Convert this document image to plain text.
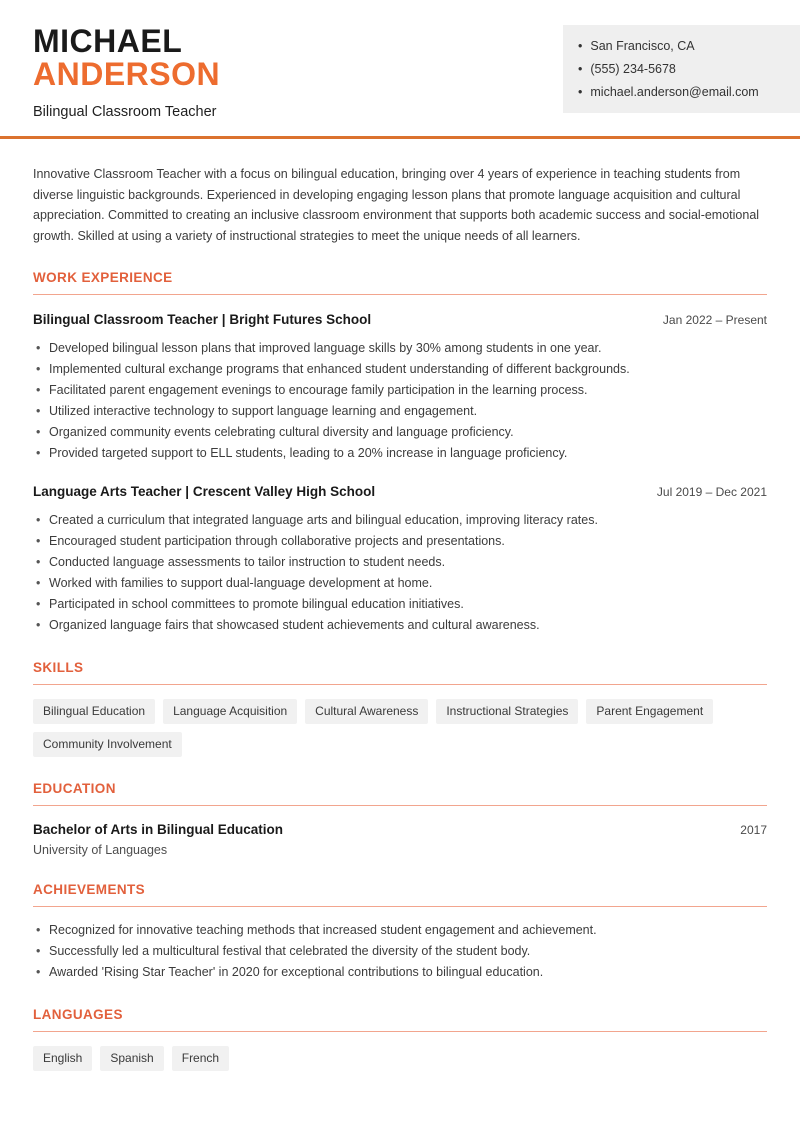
MICHAEL
ANDERSON
Bilingual Classroom Teacher
• San Francisco, CA
• (555) 234-5678
• michael.anderson@email.com

Innovative Classroom Teacher with a focus on bilingual education, bringing over 4 years of experience in teaching students from diverse linguistic backgrounds. Experienced in developing engaging lesson plans that promote language acquisition and cultural appreciation. Committed to creating an inclusive classroom environment that supports both academic success and social-emotional growth. Skilled at using a variety of instructional strategies to meet the unique needs of all learners.

WORK EXPERIENCE
Bilingual Classroom Teacher | Bright Futures School	Jan 2022 – Present
• Developed bilingual lesson plans that improved language skills by 30% among students in one year.
• Implemented cultural exchange programs that enhanced student understanding of different backgrounds.
• Facilitated parent engagement evenings to encourage family participation in the learning process.
• Utilized interactive technology to support language learning and engagement.
• Organized community events celebrating cultural diversity and language proficiency.
• Provided targeted support to ELL students, leading to a 20% increase in language proficiency.
Language Arts Teacher | Crescent Valley High School	Jul 2019 – Dec 2021
• Created a curriculum that integrated language arts and bilingual education, improving literacy rates.
• Encouraged student participation through collaborative projects and presentations.
• Conducted language assessments to tailor instruction to student needs.
• Worked with families to support dual-language development at home.
• Participated in school committees to promote bilingual education initiatives.
• Organized language fairs that showcased student achievements and cultural awareness.
SKILLS
Bilingual Education	Language Acquisition	Cultural Awareness	Instructional Strategies	Parent Engagement
Community Involvement
EDUCATION
Bachelor of Arts in Bilingual Education	2017
University of Languages
ACHIEVEMENTS
• Recognized for innovative teaching methods that increased student engagement and achievement.
• Successfully led a multicultural festival that celebrated the diversity of the student body.
• Awarded 'Rising Star Teacher' in 2020 for exceptional contributions to bilingual education.
LANGUAGES
English	Spanish	French
